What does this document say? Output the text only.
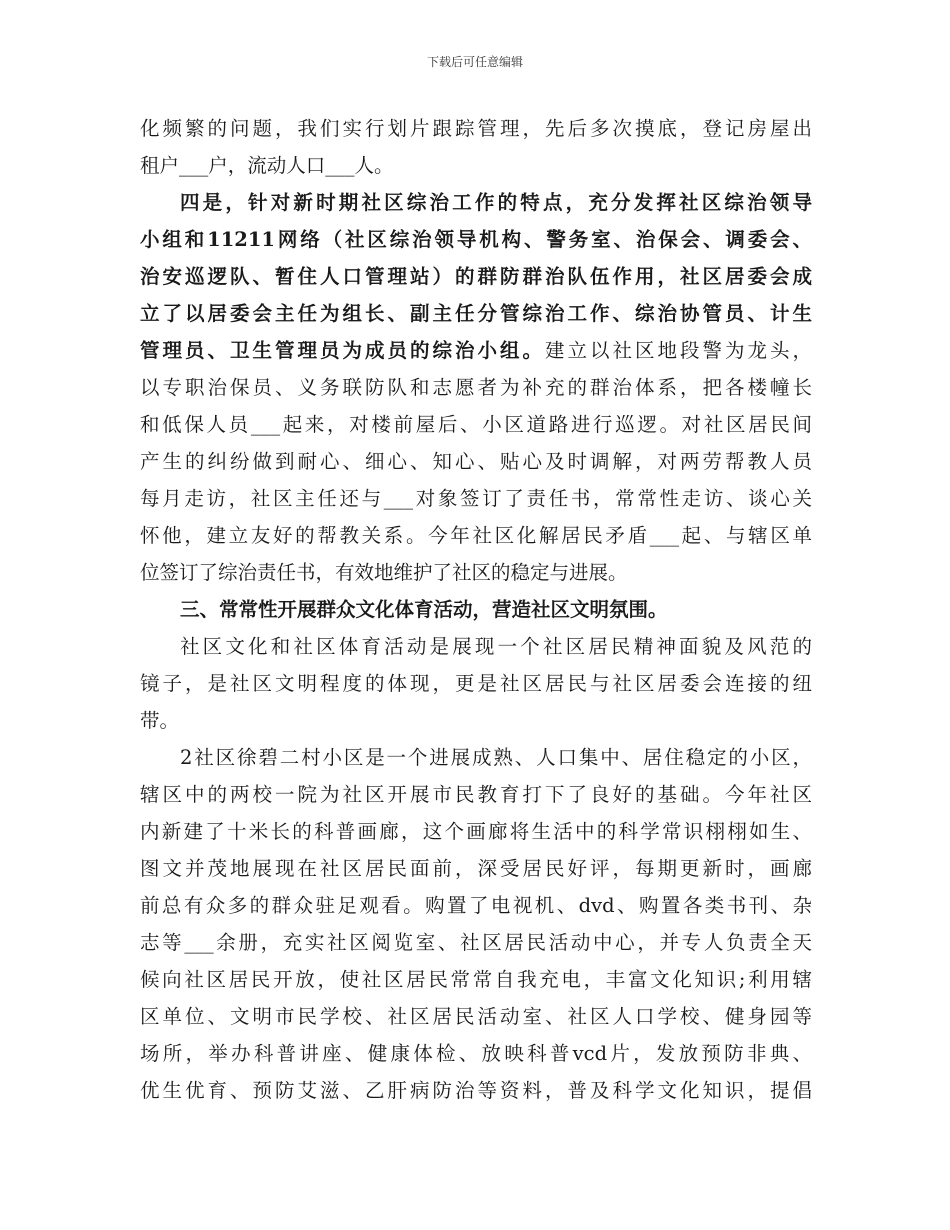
下载后可任意编辑
化频繁的问题，我们实行划片跟踪管理，先后多次摸底，登记房屋出
租户___户，流动人口___人。
四是，针对新时期社区综治工作的特点，充分发挥社区综治领导
小组和11211网络（社区综治领导机构、警务室、治保会、调委会、
治安巡逻队、暂住人口管理站）的群防群治队伍作用，社区居委会成
立了以居委会主任为组长、副主任分管综治工作、综治协管员、计生
管理员、卫生管理员为成员的综治小组。建立以社区地段警为龙头，
以专职治保员、义务联防队和志愿者为补充的群治体系，把各楼幢长
和低保人员___起来，对楼前屋后、小区道路进行巡逻。对社区居民间
产生的纠纷做到耐心、细心、知心、贴心及时调解，对两劳帮教人员
每月走访，社区主任还与___对象签订了责任书，常常性走访、谈心关
怀他，建立友好的帮教关系。今年社区化解居民矛盾___起、与辖区单
位签订了综治责任书，有效地维护了社区的稳定与进展。
三、常常性开展群众文化体育活动，营造社区文明氛围。
社区文化和社区体育活动是展现一个社区居民精神面貌及风范的
镜子，是社区文明程度的体现，更是社区居民与社区居委会连接的纽
带。
2社区徐碧二村小区是一个进展成熟、人口集中、居住稳定的小区，
辖区中的两校一院为社区开展市民教育打下了良好的基础。今年社区
内新建了十米长的科普画廊，这个画廊将生活中的科学常识栩栩如生、
图文并茂地展现在社区居民面前，深受居民好评，每期更新时，画廊
前总有众多的群众驻足观看。购置了电视机、dvd、购置各类书刊、杂
志等___余册，充实社区阅览室、社区居民活动中心，并专人负责全天
候向社区居民开放，使社区居民常常自我充电，丰富文化知识;利用辖
区单位、文明市民学校、社区居民活动室、社区人口学校、健身园等
场所，举办科普讲座、健康体检、放映科普vcd片，发放预防非典、
优生优育、预防艾滋、乙肝病防治等资料，普及科学文化知识，提倡
